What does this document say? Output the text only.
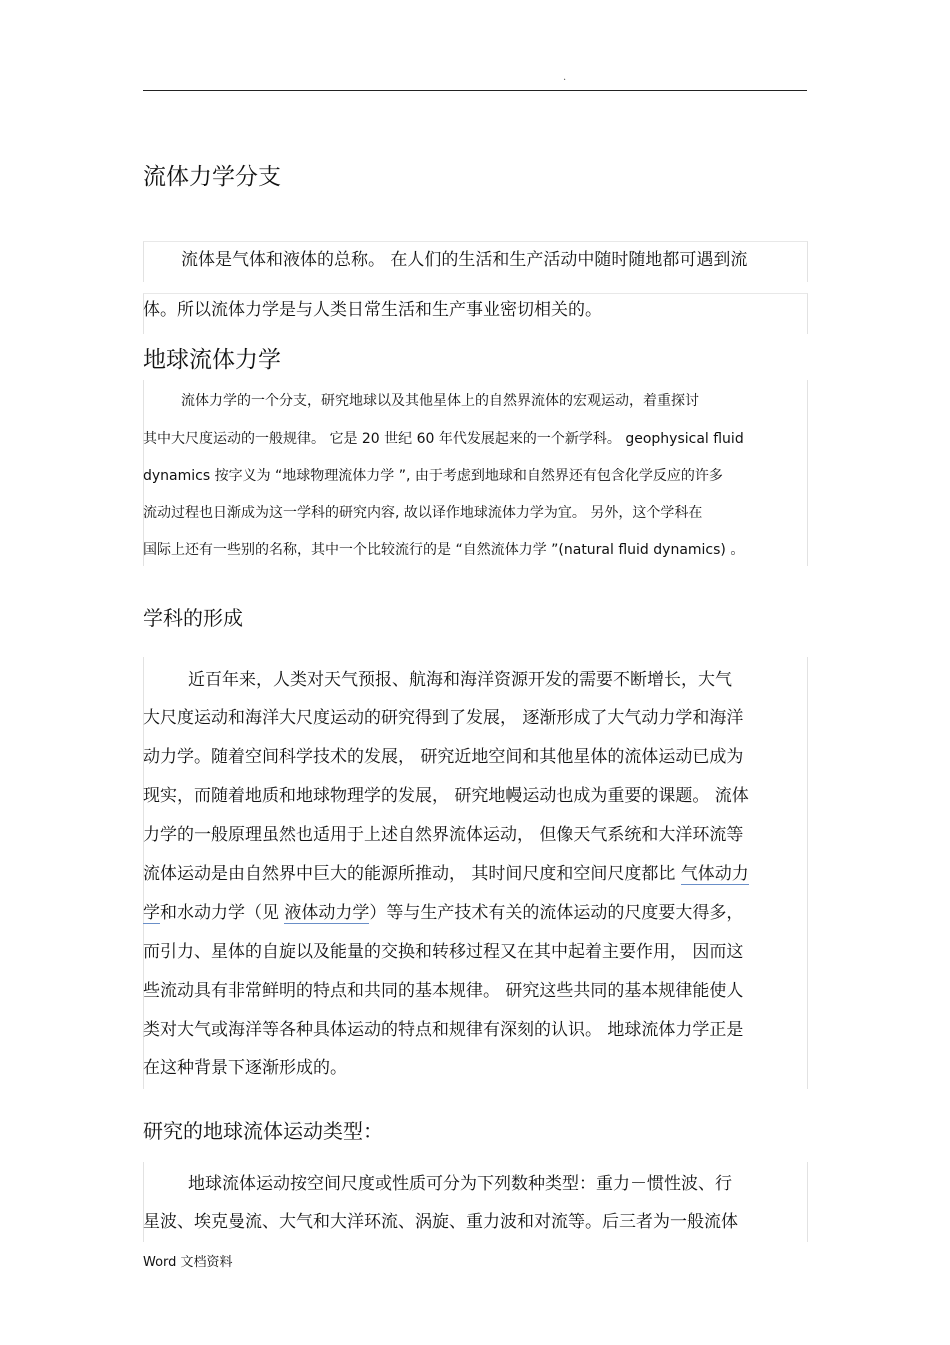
.
流体力学分支
流体是气体和液体的总称。 在人们的生活和生产活动中随时随地都可遇到流
体。所以流体力学是与人类日常生活和生产事业密切相关的。
地球流体力学
流体力学的一个分支，研究地球以及其他星体上的自然界流体的宏观运动，着重探讨
其中大尺度运动的一般规律。 它是 20 世纪 60 年代发展起来的一个新学科。 geophysical fluid
dynamics 按字义为 “地球物理流体力学 ”, 由于考虑到地球和自然界还有包含化学反应的许多
流动过程也日渐成为这一学科的研究内容, 故以译作地球流体力学为宜。 另外，这个学科在
国际上还有一些别的名称，其中一个比较流行的是 “自然流体力学 ”(natural fluid dynamics) 。
学科的形成
近百年来，人类对天气预报、航海和海洋资源开发的需要不断增长，大气
大尺度运动和海洋大尺度运动的研究得到了发展， 逐渐形成了大气动力学和海洋
动力学。随着空间科学技术的发展， 研究近地空间和其他星体的流体运动已成为
现实，而随着地质和地球物理学的发展， 研究地幔运动也成为重要的课题。 流体
力学的一般原理虽然也适用于上述自然界流体运动， 但像天气系统和大洋环流等
流体运动是由自然界中巨大的能源所推动， 其时间尺度和空间尺度都比 气体动力
学和水动力学（见 液体动力学）等与生产技术有关的流体运动的尺度要大得多，
而引力、星体的自旋以及能量的交换和转移过程又在其中起着主要作用， 因而这
些流动具有非常鲜明的特点和共同的基本规律。 研究这些共同的基本规律能使人
类对大气或海洋等各种具体运动的特点和规律有深刻的认识。 地球流体力学正是
在这种背景下逐渐形成的。
研究的地球流体运动类型：
地球流体运动按空间尺度或性质可分为下列数种类型：重力－惯性波、行
星波、埃克曼流、大气和大洋环流、涡旋、重力波和对流等。后三者为一般流体
Word 文档资料
